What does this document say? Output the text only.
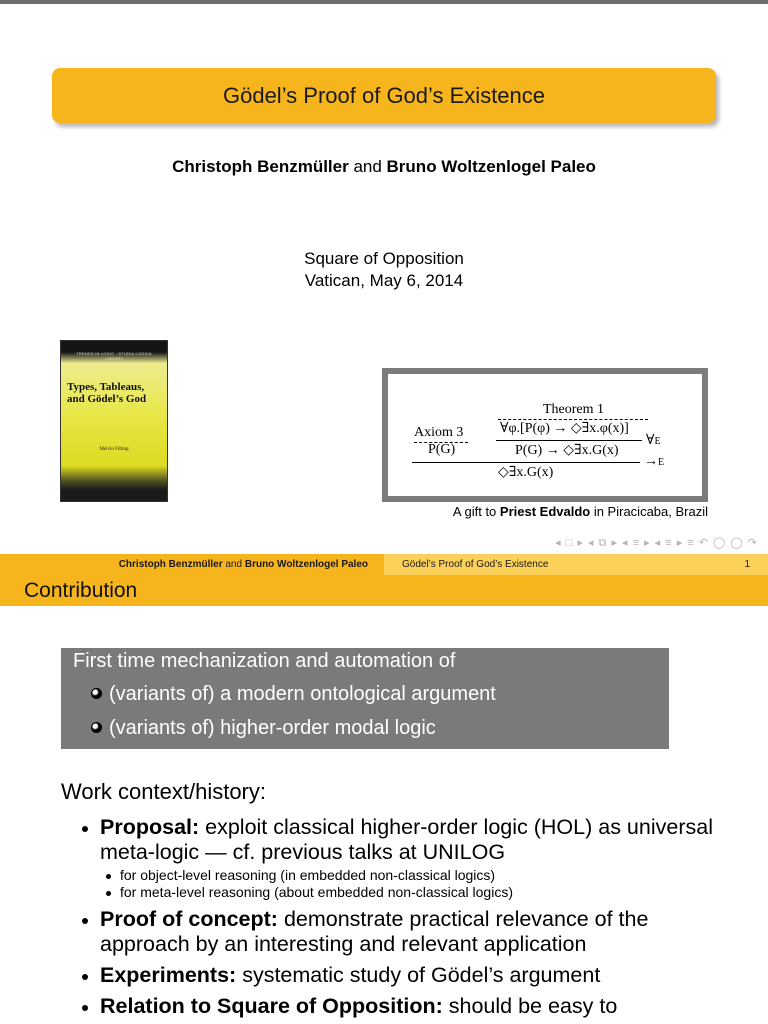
Gödel’s Proof of God’s Existence
Christoph Benzmüller and Bruno Woltzenlogel Paleo
Square of Opposition
Vatican, May 6, 2014
TRENDS IN LOGIC · STUDIA LOGICA LIBRARY
Types, Tableaus, and Gödel’s God
Melvin Fitting
Theorem 1
∀φ.[P(φ) → ◇∃x.φ(x)]
Axiom 3
P(G)	P(G) → ◇∃x.G(x)
∀E
◇∃x.G(x)
→E
A gift to Priest Edvaldo in Piracicaba, Brazil
◂ □ ▸ ◂ ⧉ ▸ ◂ ≡ ▸ ◂ ≡ ▸ ≡ ↶ ◯ ◯ ↷
Christoph Benzmüller and Bruno Woltzenlogel Paleo	Gödel’s Proof of God’s Existence	1
Contribution
First time mechanization and automation of
(variants of) a modern ontological argument
(variants of) higher-order modal logic
Work context/history:
Proposal: exploit classical higher-order logic (HOL) as universal meta-logic — cf. previous talks at UNILOG
for object-level reasoning (in embedded non-classical logics)
for meta-level reasoning (about embedded non-classical logics)
Proof of concept: demonstrate practical relevance of the approach by an interesting and relevant application
Experiments: systematic study of Gödel’s argument
Relation to Square of Opposition: should be easy to
